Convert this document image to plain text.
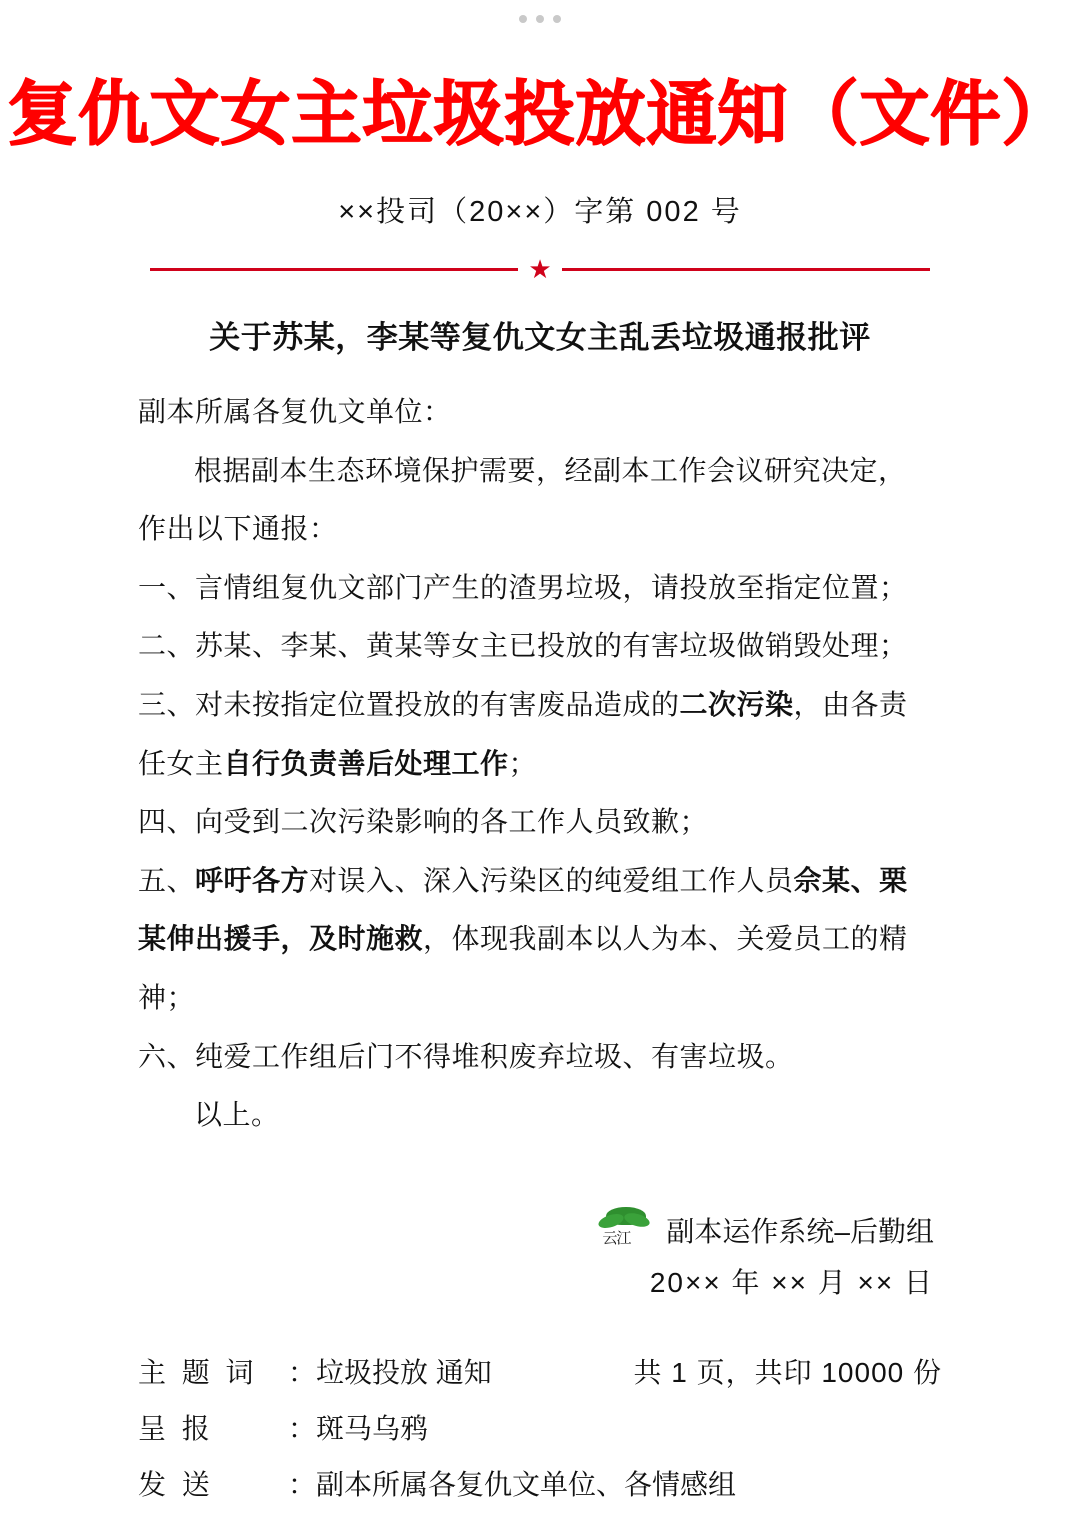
复仇文女主垃圾投放通知（文件）
××投司（20××）字第 002 号
★
关于苏某，李某等复仇文女主乱丢垃圾通报批评

副本所属各复仇文单位：

根据副本生态环境保护需要，经副本工作会议研究决定，

作出以下通报：

一、言情组复仇文部门产生的渣男垃圾，请投放至指定位置；

二、苏某、李某、黄某等女主已投放的有害垃圾做销毁处理；

三、对未按指定位置投放的有害废品造成的二次污染，由各责

任女主自行负责善后处理工作；

四、向受到二次污染影响的各工作人员致歉；

五、呼吁各方对误入、深入污染区的纯爱组工作人员佘某、栗

某伸出援手，及时施救，体现我副本以人为本、关爱员工的精

神；

六、纯爱工作组后门不得堆积废弃垃圾、有害垃圾。

以上。

云江 副本运作系统–后勤组
20×× 年 ×× 月 ×× 日
主 题 词	： 垃圾投放 通知	共 1 页，共印 10000 份
呈 报	： 斑马乌鸦
发 送	： 副本所属各复仇文单位、各情感组
